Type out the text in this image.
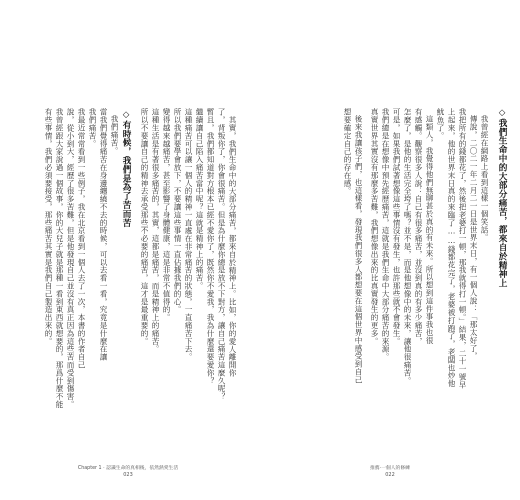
其實，我們生命中的大部分痛苦，都來自於精神上。比如，你的愛人離開你
了，背叛你了，你會很痛苦。但是為什麼你總是放不下對方，讓自己痛苦這麼久呢？
暫且，我們都知道對方根本已經不愛你了，既然你不愛我，我為什麼還要愛你？
繼續讓自己陷入痛苦當中呢？這就是精神上的痛苦。
這種痛苦可以讓一個人的精神一直處在非常痛苦的狀態，一直痛苦下去。
所以我們要學會放下，不要讓這些事情一直佔據我們的心。
變得越來越痛苦，甚至影響了身體健康，這是非常不值得的。
這種生活是有著很多痛苦的，其實，這都是痛苦，而是精神上的痛苦。
所以不要讓自己的精神去承受那些不必要的痛苦，這才是最重要的。
◇有時候，我們是為了苦而苦
我們痛苦。
當我們覺得痛苦在身邊纏繞不去的時候，可以去看一看，究竟是什麼在讓
我們痛苦。
我最近常常看到一些例子，我在北京看到一個人去了一次，本書的作者自己
說，從小到大，經歷了很多苦難，但是他發現自己並沒有真正因為這些苦而受到傷害。
我曾經跟大家說過一個故事，你的大兒子就是那種一看到東西就想要的，那爲什麼不能
有些事情，我們必須要接受，那些痛苦其實是我們自己製造出來的。
Chapter 1 · 認識生命的真相後，依然熱愛生活
023
◇我們生命中的大部分痛苦，都來自於精神上
我曾經在網路上看到這樣一個笑話。
傳說，二〇二一年二月二一日是世界末日，有一個人說：「那太好了，
我把所有的錢都花了，然後把老婆打一頓，那我就得打一頓。」結果，二十一號早
上起來，他的世界末日真的來臨了……錢都花完了，老婆被打跑了，老闆也炒他
魷魚了。
這類人，我覺得他們無聊甚於真的有未來。所以想到這件事我也很
有感觸。觀察很多人說：自己有很多痛苦，並沒到真的有多少痛苦，
怎麼了，是他的生活完全垮了嗎？並不是，而是他想像中的未來，讓他很痛苦。
可是，如果我們試著想像這些事情沒有發生，也許那些就不會發生。
我們總是在想像中預先經歷痛苦，這就是我們生命中大部分痛苦的來源。
真實世界其實沒有那麼多苦難，我們想像出來的比真實發生的更多。
後來我讓孩子們，也這樣看，發現我們很多人都想要在這個世界中感受到自己
想要確定自己的存在感。
推薦·一個人的修練
022
